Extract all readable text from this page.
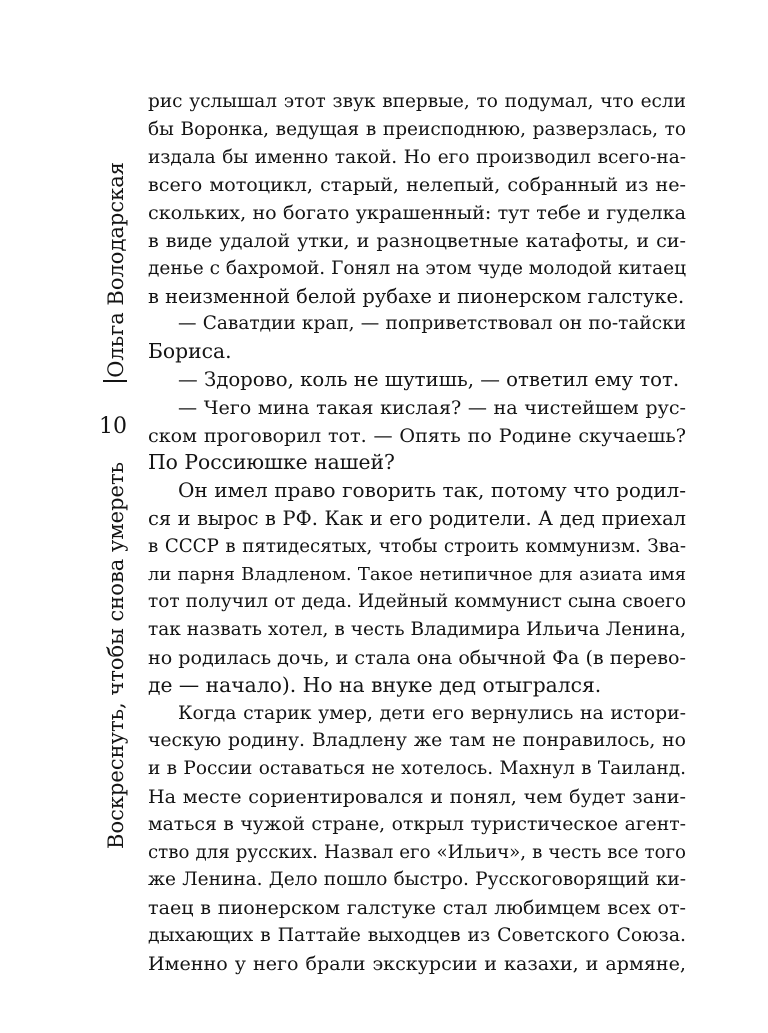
Ольга Володарская
10
Воскреснуть, чтобы снова умереть
рис услышал этот звук впервые, то подумал, что если
бы Воронка, ведущая в преисподнюю, разверзлась, то
издала бы именно такой. Но его производил всего-на-
всего мотоцикл, старый, нелепый, собранный из не-
скольких, но богато украшенный: тут тебе и гуделка
в виде удалой утки, и разноцветные катафоты, и си-
денье с бахромой. Гонял на этом чуде молодой китаец
в неизменной белой рубахе и пионерском галстуке.
— Саватдии крап, — поприветствовал он по-тайски
Бориса.
— Здорово, коль не шутишь, — ответил ему тот.
— Чего мина такая кислая? — на чистейшем рус-
ском проговорил тот. — Опять по Родине скучаешь?
По Россиюшке нашей?
Он имел право говорить так, потому что родил-
ся и вырос в РФ. Как и его родители. А дед приехал
в СССР в пятидесятых, чтобы строить коммунизм. Зва-
ли парня Владленом. Такое нетипичное для азиата имя
тот получил от деда. Идейный коммунист сына своего
так назвать хотел, в честь Владимира Ильича Ленина,
но родилась дочь, и стала она обычной Фа (в перево-
де — начало). Но на внуке дед отыгрался.
Когда старик умер, дети его вернулись на истори-
ческую родину. Владлену же там не понравилось, но
и в России оставаться не хотелось. Махнул в Таиланд.
На месте сориентировался и понял, чем будет зани-
маться в чужой стране, открыл туристическое агент-
ство для русских. Назвал его «Ильич», в честь все того
же Ленина. Дело пошло быстро. Русскоговорящий ки-
таец в пионерском галстуке стал любимцем всех от-
дыхающих в Паттайе выходцев из Советского Союза.
Именно у него брали экскурсии и казахи, и армяне,
